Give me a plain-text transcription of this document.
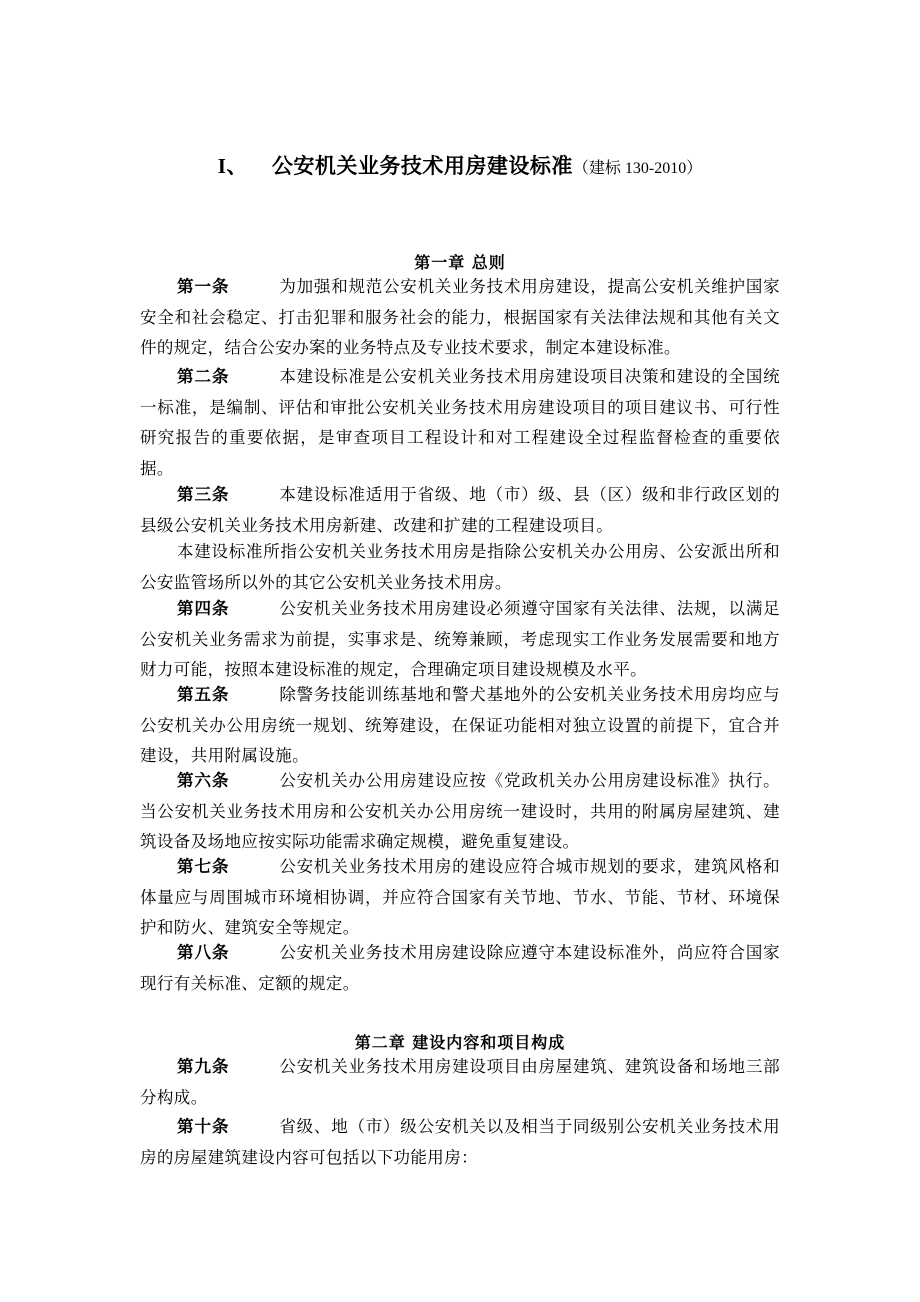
I、 公安机关业务技术用房建设标准（建标 130-2010）
第一章 总则
第一条	为加强和规范公安机关业务技术用房建设，提高公安机关维护国家安全和社会稳定、打击犯罪和服务社会的能力，根据国家有关法律法规和其他有关文件的规定，结合公安办案的业务特点及专业技术要求，制定本建设标准。
第二条	本建设标准是公安机关业务技术用房建设项目决策和建设的全国统一标准，是编制、评估和审批公安机关业务技术用房建设项目的项目建议书、可行性研究报告的重要依据，是审查项目工程设计和对工程建设全过程监督检查的重要依据。
第三条	本建设标准适用于省级、地（市）级、县（区）级和非行政区划的县级公安机关业务技术用房新建、改建和扩建的工程建设项目。
本建设标准所指公安机关业务技术用房是指除公安机关办公用房、公安派出所和公安监管场所以外的其它公安机关业务技术用房。
第四条	公安机关业务技术用房建设必须遵守国家有关法律、法规，以满足公安机关业务需求为前提，实事求是、统筹兼顾，考虑现实工作业务发展需要和地方财力可能，按照本建设标准的规定，合理确定项目建设规模及水平。
第五条	除警务技能训练基地和警犬基地外的公安机关业务技术用房均应与公安机关办公用房统一规划、统筹建设，在保证功能相对独立设置的前提下，宜合并建设，共用附属设施。
第六条	公安机关办公用房建设应按《党政机关办公用房建设标准》执行。当公安机关业务技术用房和公安机关办公用房统一建设时，共用的附属房屋建筑、建筑设备及场地应按实际功能需求确定规模，避免重复建设。
第七条	公安机关业务技术用房的建设应符合城市规划的要求，建筑风格和体量应与周围城市环境相协调，并应符合国家有关节地、节水、节能、节材、环境保护和防火、建筑安全等规定。
第八条	公安机关业务技术用房建设除应遵守本建设标准外，尚应符合国家现行有关标准、定额的规定。
第二章 建设内容和项目构成
第九条	公安机关业务技术用房建设项目由房屋建筑、建筑设备和场地三部分构成。
第十条	省级、地（市）级公安机关以及相当于同级别公安机关业务技术用房的房屋建筑建设内容可包括以下功能用房：
